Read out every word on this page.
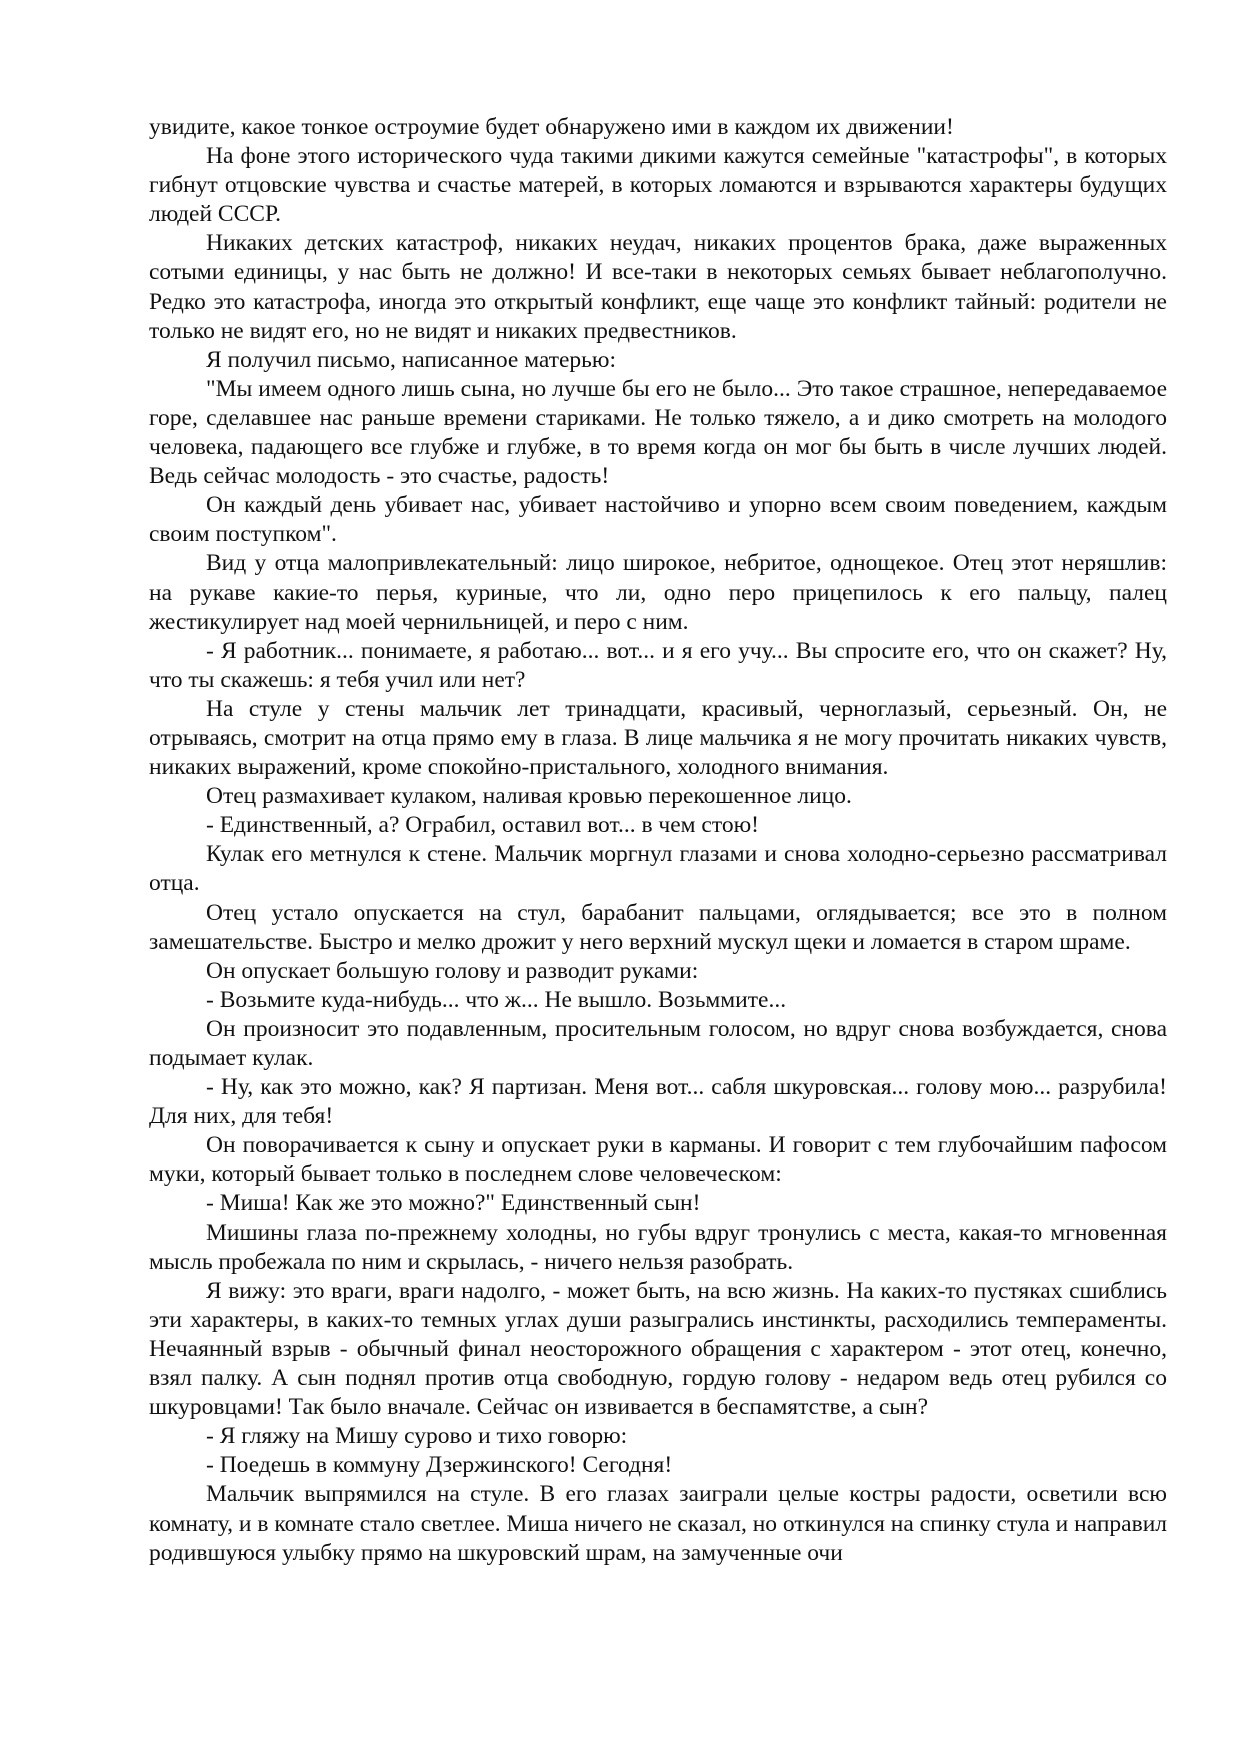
увидите, какое тонкое остроумие будет обнаружено ими в каждом их движении!

На фоне этого исторического чуда такими дикими кажутся семейные "катастрофы", в которых гибнут отцовские чувства и счастье матерей, в которых ломаются и взрываются характеры будущих людей СССР.

Никаких детских катастроф, никаких неудач, никаких процентов брака, даже выраженных сотыми единицы, у нас быть не должно! И все-таки в некоторых семьях бывает неблагополучно. Редко это катастрофа, иногда это открытый конфликт, еще чаще это конфликт тайный: родители не только не видят его, но не видят и никаких предвестников.

Я получил письмо, написанное матерью:

"Мы имеем одного лишь сына, но лучше бы его не было... Это такое страшное, непередаваемое горе, сделавшее нас раньше времени стариками. Не только тяжело, а и дико смотреть на молодого человека, падающего все глубже и глубже, в то время когда он мог бы быть в числе лучших людей. Ведь сейчас молодость - это счастье, радость!

Он каждый день убивает нас, убивает настойчиво и упорно всем своим поведением, каждым своим поступком".

Вид у отца малопривлекательный: лицо широкое, небритое, однощекое. Отец этот неряшлив: на рукаве какие-то перья, куриные, что ли, одно перо прицепилось к его пальцу, палец жестикулирует над моей чернильницей, и перо с ним.

- Я работник... понимаете, я работаю... вот... и я его учу... Вы спросите его, что он скажет? Ну, что ты скажешь: я тебя учил или нет?

На стуле у стены мальчик лет тринадцати, красивый, черноглазый, серьезный. Он, не отрываясь, смотрит на отца прямо ему в глаза. В лице мальчика я не могу прочитать никаких чувств, никаких выражений, кроме спокойно-пристального, холодного внимания.

Отец размахивает кулаком, наливая кровью перекошенное лицо.

- Единственный, а? Ограбил, оставил вот... в чем стою!

Кулак его метнулся к стене. Мальчик моргнул глазами и снова холодно-серьезно рассматривал отца.

Отец устало опускается на стул, барабанит пальцами, оглядывается; все это в полном замешательстве. Быстро и мелко дрожит у него верхний мускул щеки и ломается в старом шраме.

Он опускает большую голову и разводит руками:

- Возьмите куда-нибудь... что ж... Не вышло. Возьммите...

Он произносит это подавленным, просительным голосом, но вдруг снова возбуждается, снова подымает кулак.

- Ну, как это можно, как? Я партизан. Меня вот... сабля шкуровская... голову мою... разрубила! Для них, для тебя!

Он поворачивается к сыну и опускает руки в карманы. И говорит с тем глубочайшим пафосом муки, который бывает только в последнем слове человеческом:

- Миша! Как же это можно?" Единственный сын!

Мишины глаза по-прежнему холодны, но губы вдруг тронулись с места, какая-то мгновенная мысль пробежала по ним и скрылась, - ничего нельзя разобрать.

Я вижу: это враги, враги надолго, - может быть, на всю жизнь. На каких-то пустяках сшиблись эти характеры, в каких-то темных углах души разыгрались инстинкты, расходились темпераменты. Нечаянный взрыв - обычный финал неосторожного обращения с характером - этот отец, конечно, взял палку. А сын поднял против отца свободную, гордую голову - недаром ведь отец рубился со шкуровцами! Так было вначале. Сейчас он извивается в беспамятстве, а сын?

- Я гляжу на Мишу сурово и тихо говорю:

- Поедешь в коммуну Дзержинского! Сегодня!

Мальчик выпрямился на стуле. В его глазах заиграли целые костры радости, осветили всю комнату, и в комнате стало светлее. Миша ничего не сказал, но откинулся на спинку стула и направил родившуюся улыбку прямо на шкуровский шрам, на замученные очи
